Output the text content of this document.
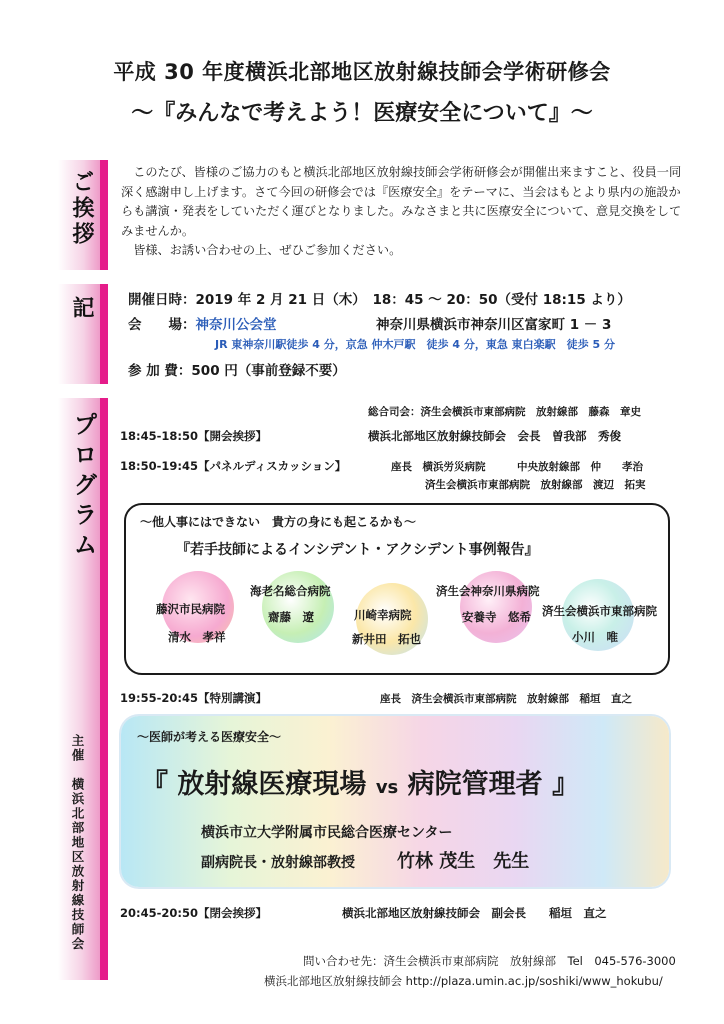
平成 30 年度横浜北部地区放射線技師会学術研修会
〜『みんなで考えよう！医療安全について』〜
ご挨拶
記
プログラム
主催　横浜北部地区放射線技師会

このたび、皆様のご協力のもと横浜北部地区放射線技師会学術研修会が開催出来ますこと、役員一同深く感謝申し上げます。さて今回の研修会では『医療安全』をテーマに、当会はもとより県内の施設からも講演・発表をしていただく運びとなりました。みなさまと共に医療安全について、意見交換をしてみませんか。

皆様、お誘い合わせの上、ぜひご参加ください。

開催日時：2019 年 2 月 21 日（木）　18：45 〜 20：50（受付 18:15 より）
会　　場：神奈川公会堂	神奈川県横浜市神奈川区富家町 1 － 3
JR 東神奈川駅徒歩 4 分，京急 仲木戸駅　徒歩 4 分，東急 東白楽駅　徒歩 5 分
参 加 費：500 円（事前登録不要）
総合司会：済生会横浜市東部病院　放射線部　藤森　章史
18:45-18:50【開会挨拶】	横浜北部地区放射線技師会　会長　曽我部　秀俊
18:50-19:45【パネルディスカッション】	座長　横浜労災病院　　　中央放射線部　仲　　孝治
済生会横浜市東部病院　放射線部　渡辺　拓実
〜他人事にはできない　貴方の身にも起こるかも〜
『若手技師によるインシデント・アクシデント事例報告』
藤沢市民病院
清水　孝祥
海老名総合病院
齋藤　遼	川崎幸病院
新井田　拓也
済生会神奈川県病院
安養寺　悠希 済生会横浜市東部病院
小川　唯
19:55-20:45【特別講演】	座長　済生会横浜市東部病院　放射線部　稲垣　直之
〜医師が考える医療安全〜
『 放射線医療現場 vs 病院管理者 』
横浜市立大学附属市民総合医療センター
副病院長・放射線部教授 竹林 茂生　先生
20:45-20:50【閉会挨拶】	横浜北部地区放射線技師会　副会長　　稲垣　直之
問い合わせ先：済生会横浜市東部病院　放射線部　Tel　045-576-3000
横浜北部地区放射線技師会 http://plaza.umin.ac.jp/soshiki/www_hokubu/
